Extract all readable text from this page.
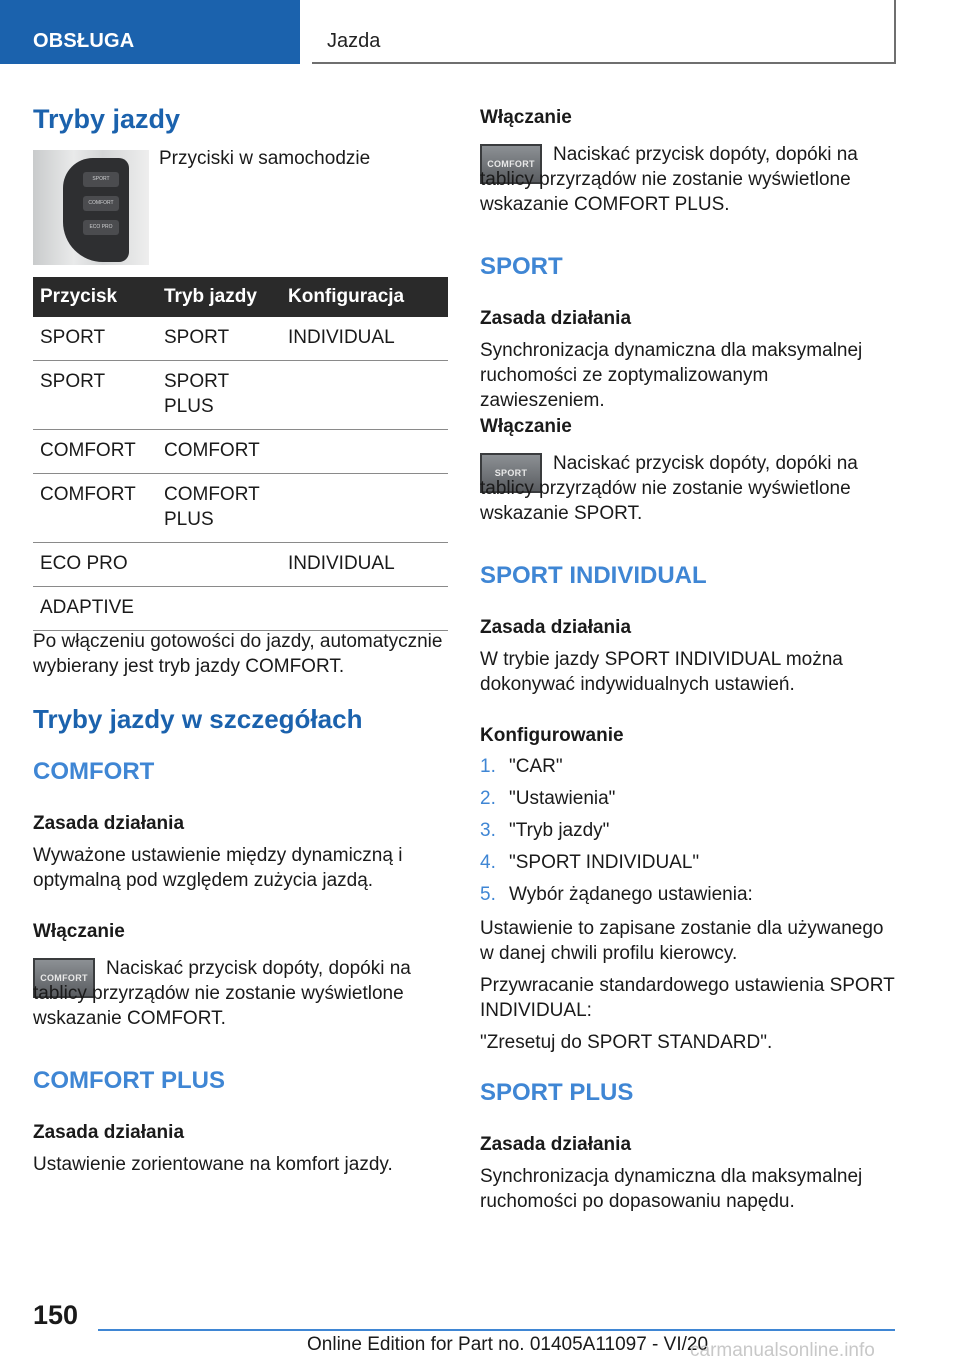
OBSŁUGA	Jazda
Tryby jazdy
SPORT
COMFORT
ECO PRO
Przyciski w samochodzie
Przycisk	Tryb jazdy	Konfiguracja
SPORT	SPORT	INDIVIDUAL
SPORT	SPORT
PLUS	
COMFORT	COMFORT	
COMFORT	COMFORT
PLUS	
ECO PRO		INDIVIDUAL
ADAPTIVE		
Po włączeniu gotowości do jazdy, automatycznie wybierany jest tryb jazdy COMFORT.
Tryby jazdy w szczegółach
COMFORT
Zasada działania
Wyważone ustawienie między dynamiczną i optymalną pod względem zużycia jazdą.
Włączanie
COMFORT Naciskać przycisk dopóty, dopóki na tablicy przyrządów nie zostanie wyświetlone wskazanie COMFORT.
COMFORT PLUS
Zasada działania
Ustawienie zorientowane na komfort jazdy.
Włączanie
COMFORT Naciskać przycisk dopóty, dopóki na tablicy przyrządów nie zostanie wyświetlone wskazanie COMFORT PLUS.
SPORT
Zasada działania
Synchronizacja dynamiczna dla maksymalnej ruchomości ze zoptymalizowanym zawieszeniem.
Włączanie
SPORT	Naciskać przycisk dopóty, dopóki na tablicy przyrządów nie zostanie wyświetlone wskazanie SPORT.
SPORT INDIVIDUAL
Zasada działania
W trybie jazdy SPORT INDIVIDUAL można dokonywać indywidualnych ustawień.
Konfigurowanie
1. "CAR"
2. "Ustawienia"
3. "Tryb jazdy"
4. "SPORT INDIVIDUAL"
5. Wybór żądanego ustawienia:
Ustawienie to zapisane zostanie dla używanego w danej chwili profilu kierowcy.
Przywracanie standardowego ustawienia SPORT INDIVIDUAL:
"Zresetuj do SPORT STANDARD".
SPORT PLUS
Zasada działania
Synchronizacja dynamiczna dla maksymalnej ruchomości po dopasowaniu napędu.
150
Online Edition for Part no. 01405A11097 - VI/20
carmanualsonline.info
